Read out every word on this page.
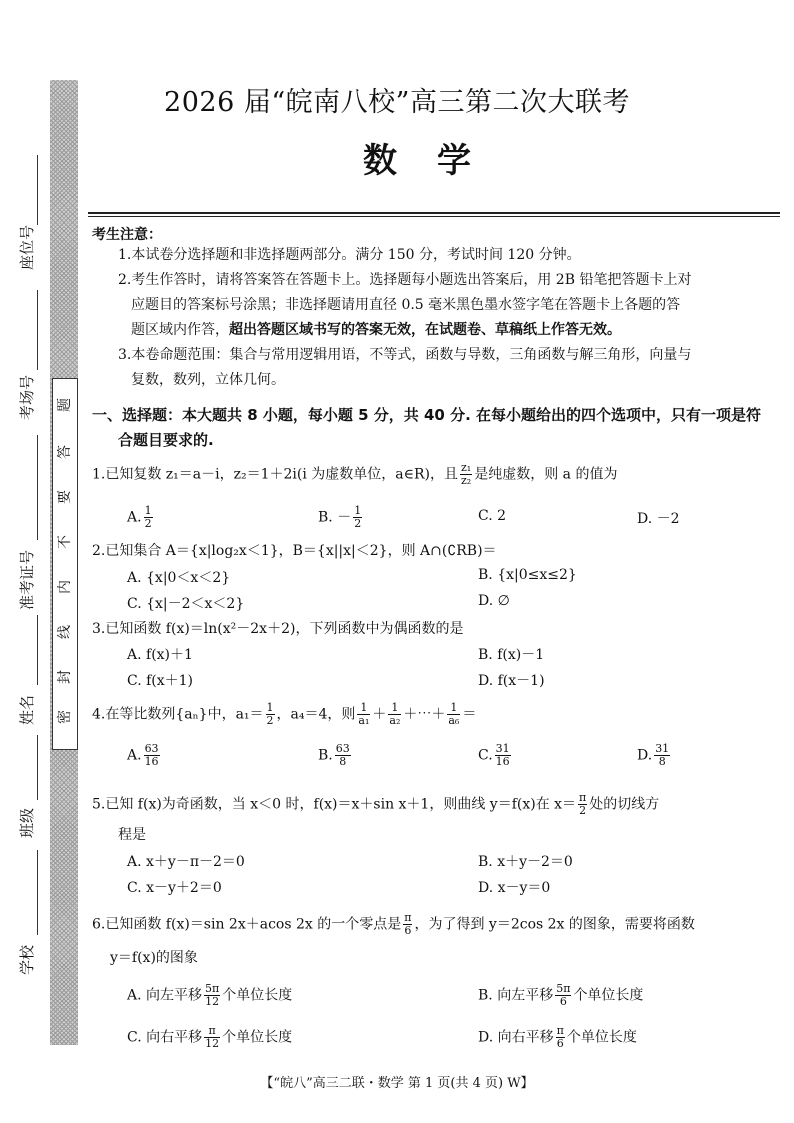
题
答
要
不
内
线
封
密
座位号
考场号
准考证号
姓名
班级
学校
2026 届“皖南八校”高三第二次大联考
数学
考生注意：
1.本试卷分选择题和非选择题两部分。满分 150 分，考试时间 120 分钟。
2.考生作答时，请将答案答在答题卡上。选择题每小题选出答案后，用 2B 铅笔把答题卡上对
应题目的答案标号涂黑；非选择题请用直径 0.5 毫米黑色墨水签字笔在答题卡上各题的答
题区域内作答，超出答题区域书写的答案无效，在试题卷、草稿纸上作答无效。
3.本卷命题范围：集合与常用逻辑用语，不等式，函数与导数，三角函数与解三角形，向量与
复数，数列，立体几何。
一、选择题：本大题共 8 小题，每小题 5 分，共 40 分. 在每小题给出的四个选项中，只有一项是符
合题目要求的.
1.已知复数 z₁＝a－i，z₂＝1＋2i(i 为虚数单位，a∈R)，且 $\frac{\text{z₁}}{\text{z₂}}$ 是纯虚数，则 a 的值为
A. $\frac{1}{2}$	B. － $\frac{1}{2}$	C. 2	D. －2
2.已知集合 A＝{x|log₂x＜1}，B＝{x||x|＜2}，则 A∩(∁RB)＝
A. {x|0＜x＜2}	B. {x|0≤x≤2}
C. {x|－2＜x＜2}	D. ∅
3.已知函数 f(x)＝ln(x²－2x＋2)，下列函数中为偶函数的是
A. f(x)＋1	B. f(x)－1
C. f(x＋1)	D. f(x－1)
4.在等比数列{aₙ}中，$a_1= \frac{1}{2}$ ，a₄＝4，则 $\frac{1}{\text{a₁}} + \frac{1}{\text{a₂}}$ ＋⋯＋ $\frac{1}{\text{a₆}}$ ＝
A. $\frac{63}{16}$	B. $\frac{63}{8}$	C. $\frac{31}{16}$	D. $\frac{31}{8}$
5.已知 f(x)为奇函数，当 x＜0 时，f(x)＝x＋sin x＋1，则曲线 y＝f(x)在 $x= \frac{\pi}{2}$ 处的切线方
程是
A. x＋y－π－2＝0	B. x＋y－2＝0
C. x－y＋2＝0	D. x－y＝0
6.已知函数 f(x)＝sin 2x＋acos 2x 的一个零点是 $\frac{\pi}{6}$ ，为了得到 y＝2cos 2x 的图象，需要将函数
y＝f(x)的图象
A. 向左平移 $\frac{5\pi}{12}$ 个单位长度	B. 向左平移 $\frac{5\pi}{6}$ 个单位长度
C. 向右平移 $\frac{\pi}{12}$ 个单位长度	D. 向右平移 $\frac{\pi}{6}$ 个单位长度
【“皖八”高三二联・数学 第 1 页(共 4 页) W】
